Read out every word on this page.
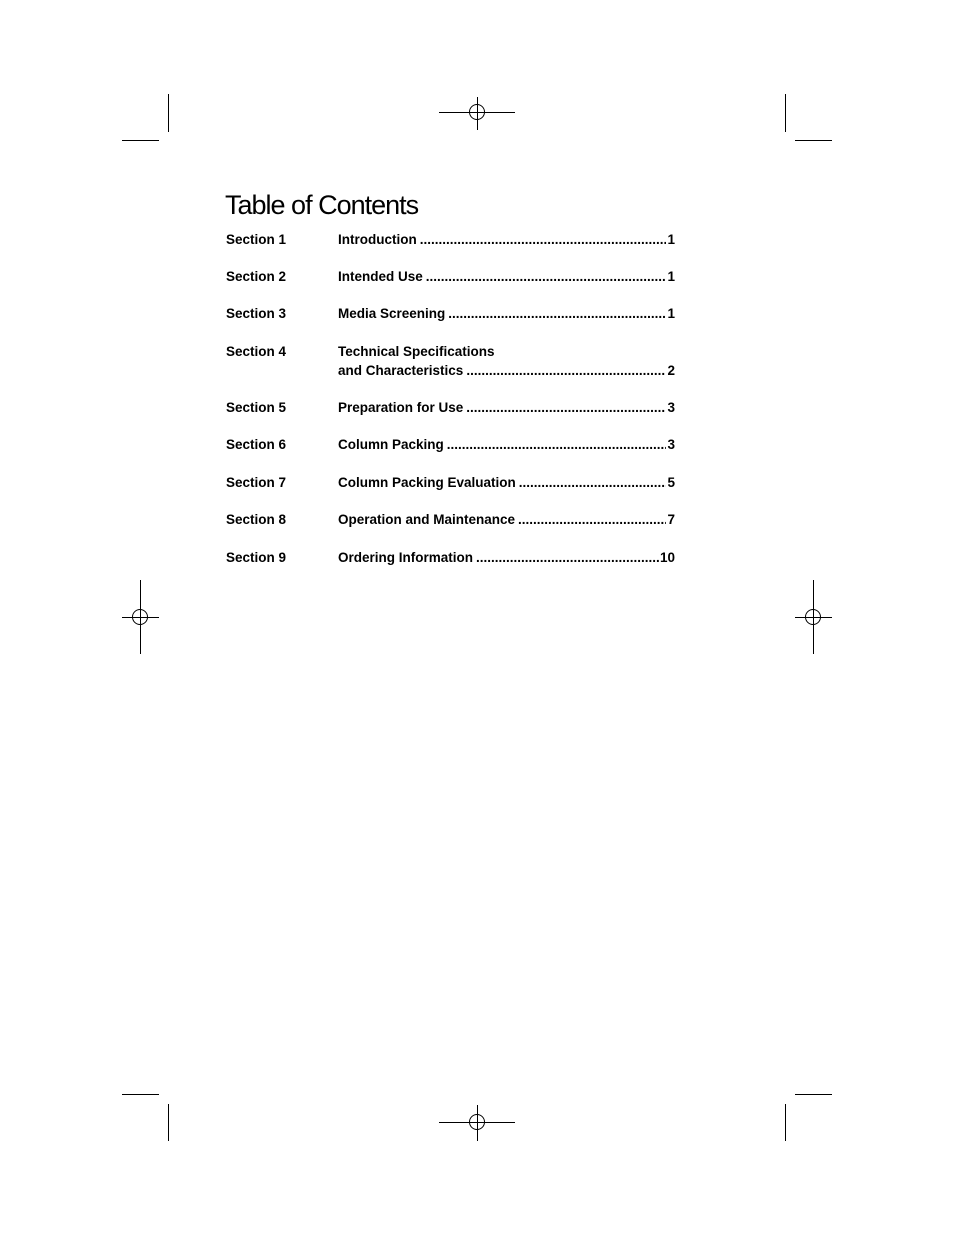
Table of Contents
Section 1	Introduction .....	1
Section 2	Intended Use .....	1
Section 3	Media Screening .....	1
Section 4	Technical Specifications
and Characteristics .....	2
Section 5	Preparation for Use .....	3
Section 6	Column Packing .....	3
Section 7	Column Packing Evaluation .....	5
Section 8	Operation and Maintenance .....	7
Section 9	Ordering Information .....	10
